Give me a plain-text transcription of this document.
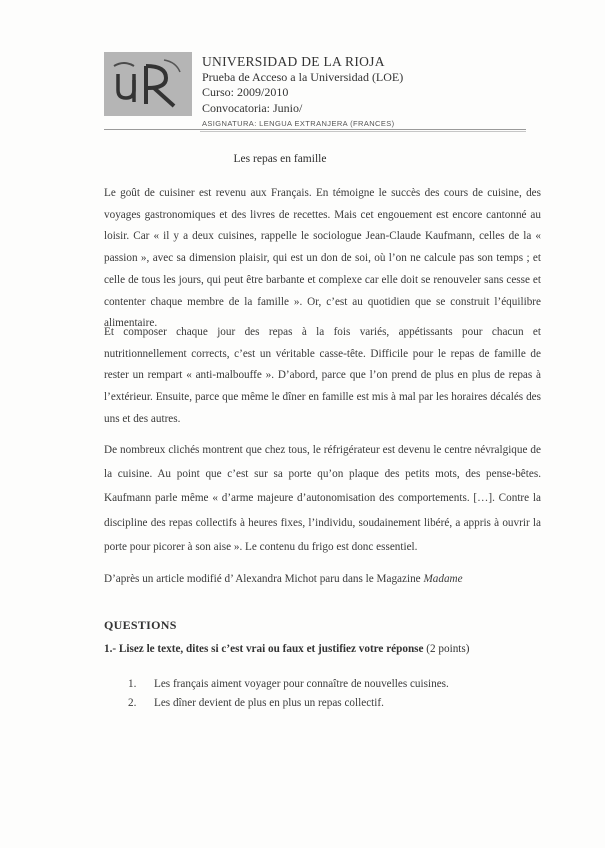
UNIVERSIDAD DE LA RIOJA
Prueba de Acceso a la Universidad (LOE)
Curso: 2009/2010
Convocatoria: Junio/
ASIGNATURA: LENGUA EXTRANJERA (FRANCES)
Les repas en famille

Le goût de cuisiner est revenu aux Français. En témoigne le succès des cours de cuisine, des voyages gastronomiques et des livres de recettes. Mais cet engouement est encore cantonné au loisir. Car « il y a deux cuisines, rappelle le sociologue Jean-Claude Kaufmann, celles de la « passion », avec sa dimension plaisir, qui est un don de soi, où l’on ne calcule pas son temps ; et celle de tous les jours, qui peut être barbante et complexe car elle doit se renouveler sans cesse et contenter chaque membre de la famille ». Or, c’est au quotidien que se construit l’équilibre alimentaire.

Et composer chaque jour des repas à la fois variés, appétissants pour chacun et nutritionnellement corrects, c’est un véritable casse-tête. Difficile pour le repas de famille de rester un rempart « anti-malbouffe ». D’abord, parce que l’on prend de plus en plus de repas à l’extérieur. Ensuite, parce que même le dîner en famille est mis à mal par les horaires décalés des uns et des autres.

De nombreux clichés montrent que chez tous, le réfrigérateur est devenu le centre névralgique de la cuisine. Au point que c’est sur sa porte qu’on plaque des petits mots, des pense-bêtes. Kaufmann parle même « d’arme majeure d’autonomisation des comportements. […]. Contre la discipline des repas collectifs à heures fixes, l’individu, soudainement libéré, a appris à ouvrir la porte pour picorer à son aise ». Le contenu du frigo est donc essentiel.

D’après un article modifié d’ Alexandra Michot paru dans le Magazine Madame
QUESTIONS
1.- Lisez le texte, dites si c’est vrai ou faux et justifiez votre réponse (2 points)
1. Les français aiment voyager pour connaître de nouvelles cuisines.
2. Les dîner devient de plus en plus un repas collectif.
